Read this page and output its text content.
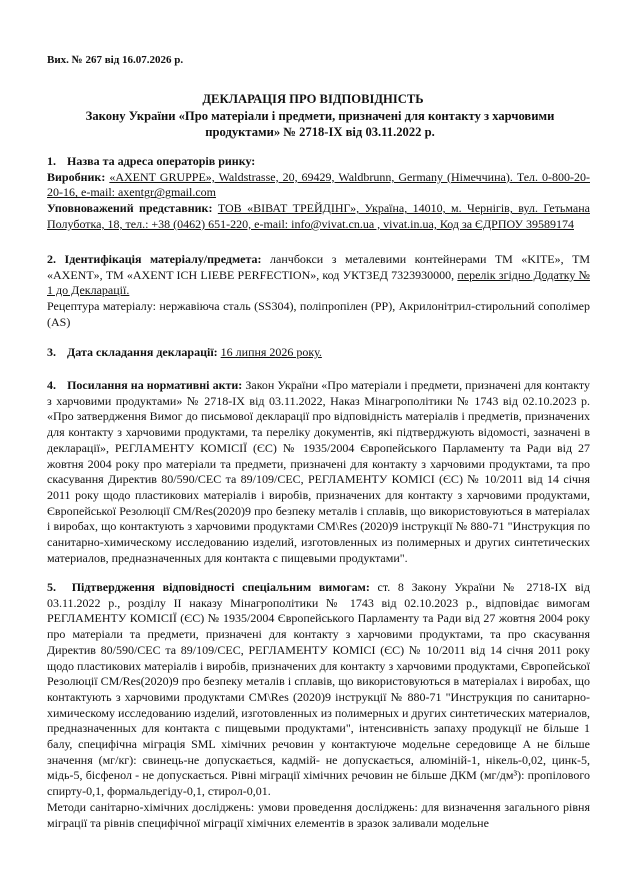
Вих. № 267 від 16.07.2026 р.
ДЕКЛАРАЦІЯ ПРО ВІДПОВІДНІСТЬ
Закону України «Про матеріали і предмети, призначені для контакту з харчовими продуктами» № 2718-IX від 03.11.2022 р.
1. Назва та адреса операторів ринку:
Виробник: «AXENT GRUPPE», Waldstrasse, 20, 69429, Waldbrunn, Germany (Німеччина). Тел. 0-800-20-20-16, e-mail: axentgr@gmail.com
Уповноважений представник: ТОВ «ВІВАТ ТРЕЙДІНГ», Україна, 14010, м. Чернігів, вул. Гетьмана Полуботка, 18, тел.: +38 (0462) 651-220, e-mail: info@vivat.cn.ua , vivat.in.ua, Код за ЄДРПОУ 39589174
2. Ідентифікація матеріалу/предмета: ланчбокси з металевими контейнерами ТМ «KITE», ТМ «AXENT», ТМ «AXENT ICH LIEBE PERFECTION», код УКТЗЕД 7323930000, перелік згідно Додатку № 1 до Декларації.
Рецептура матеріалу: нержавіюча сталь (SS304), поліпропілен (PP), Акрилонітрил-стирольний сополімер (AS)
3. Дата складання декларації: 16 липня 2026 року.
4. Посилання на нормативні акти: Закон України «Про матеріали і предмети, призначені для контакту з харчовими продуктами» № 2718-IX від 03.11.2022, Наказ Мінагрополітики № 1743 від 02.10.2023 р. «Про затвердження Вимог до письмової декларації про відповідність матеріалів і предметів, призначених для контакту з харчовими продуктами, та переліку документів, які підтверджують відомості, зазначені в декларації», РЕГЛАМЕНТУ КОМІСІЇ (ЄС) № 1935/2004 Європейського Парламенту та Ради від 27 жовтня 2004 року про матеріали та предмети, призначені для контакту з харчовими продуктами, та про скасування Директив 80/590/СЕС та 89/109/СЕС, РЕГЛАМЕНТУ КОМІСІ (ЄС) № 10/2011 від 14 січня 2011 року щодо пластикових матеріалів і виробів, призначених для контакту з харчовими продуктами, Європейської Резолюції CM/Res(2020)9 про безпеку металів і сплавів, що використовуються в матеріалах і виробах, що контактують з харчовими продуктами CM\Res (2020)9 інструкції № 880-71 "Инструкция по санитарно-химическому исследованию изделий, изготовленных из полимерных и других синтетических материалов, предназначенных для контакта с пищевыми продуктами".
5. Підтвердження відповідності спеціальним вимогам: ст. 8 Закону України № 2718-IX від 03.11.2022 р., розділу ІІ наказу Мінагрополітики № 1743 від 02.10.2023 р., відповідає вимогам РЕГЛАМЕНТУ КОМІСІЇ (ЄС) № 1935/2004 Європейського Парламенту та Ради від 27 жовтня 2004 року про матеріали та предмети, призначені для контакту з харчовими продуктами, та про скасування Директив 80/590/СЕС та 89/109/СЕС, РЕГЛАМЕНТУ КОМІСІ (ЄС) № 10/2011 від 14 січня 2011 року щодо пластикових матеріалів і виробів, призначених для контакту з харчовими продуктами, Європейської Резолюції CM/Res(2020)9 про безпеку металів і сплавів, що використовуються в матеріалах і виробах, що контактують з харчовими продуктами CM\Res (2020)9 інструкції № 880-71 "Инструкция по санитарно-химическому исследованию изделий, изготовленных из полимерных и других синтетических материалов, предназначенных для контакта с пищевыми продуктами", інтенсивність запаху продукції не більше 1 балу, специфічна міграція SML хімічних речовин у контактуюче модельне середовище А не більше значення (мг/кг): свинець-не допускається, кадмій- не допускається, алюміній-1, нікель-0,02, цинк-5, мідь-5, бісфенол - не допускається. Рівні міграції хімічних речовин не більше ДКМ (мг/дм³): пропілового спирту-0,1, формальдегіду-0,1, стирол-0,01.
Методи санітарно-хімічних досліджень: умови проведення досліджень: для визначення загального рівня міграції та рівнів специфічної міграції хімічних елементів в зразок заливали модельне
